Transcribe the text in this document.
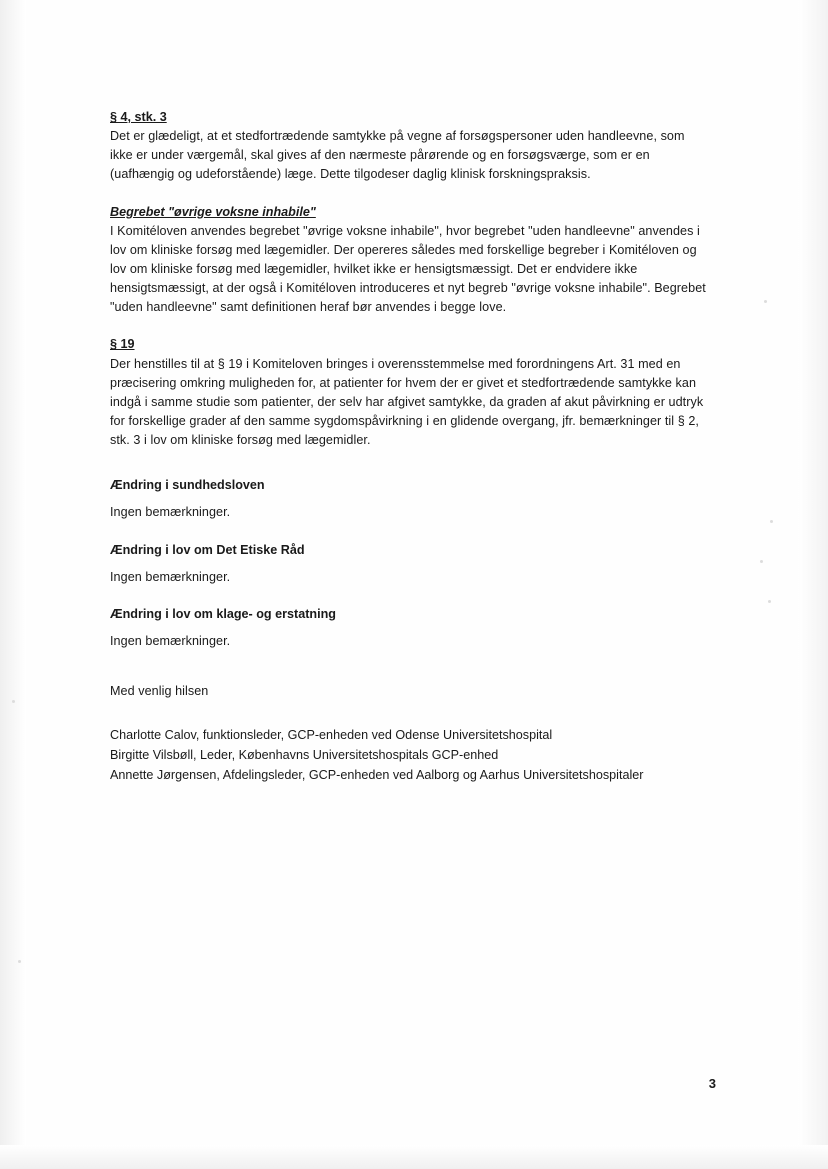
§ 4, stk. 3

Det er glædeligt, at et stedfortrædende samtykke på vegne af forsøgspersoner uden handleevne, som ikke er under værgemål, skal gives af den nærmeste pårørende og en forsøgsværge, som er en (uafhængig og udeforstående) læge. Dette tilgodeser daglig klinisk forskningspraksis.

Begrebet "øvrige voksne inhabile"

I Komitéloven anvendes begrebet "øvrige voksne inhabile", hvor begrebet "uden handleevne" anvendes i lov om kliniske forsøg med lægemidler. Der opereres således med forskellige begreber i Komitéloven og lov om kliniske forsøg med lægemidler, hvilket ikke er hensigtsmæssigt. Det er endvidere ikke hensigtsmæssigt, at der også i Komitéloven introduceres et nyt begreb "øvrige voksne inhabile". Begrebet "uden handleevne" samt definitionen heraf bør anvendes i begge love.

§ 19

Der henstilles til at § 19 i Komiteloven bringes i overensstemmelse med forordningens Art. 31 med en præcisering omkring muligheden for, at patienter for hvem der er givet et stedfortrædende samtykke kan indgå i samme studie som patienter, der selv har afgivet samtykke, da graden af akut påvirkning er udtryk for forskellige grader af den samme sygdomspåvirkning i en glidende overgang, jfr. bemærkninger til § 2, stk. 3 i lov om kliniske forsøg med lægemidler.

Ændring i sundhedsloven

Ingen bemærkninger.

Ændring i lov om Det Etiske Råd

Ingen bemærkninger.

Ændring i lov om klage- og erstatning

Ingen bemærkninger.

Med venlig hilsen

Charlotte Calov, funktionsleder, GCP-enheden ved Odense Universitetshospital
Birgitte Vilsbøll, Leder, Københavns Universitetshospitals GCP-enhed
Annette Jørgensen, Afdelingsleder, GCP-enheden ved Aalborg og Aarhus Universitetshospitaler
3
